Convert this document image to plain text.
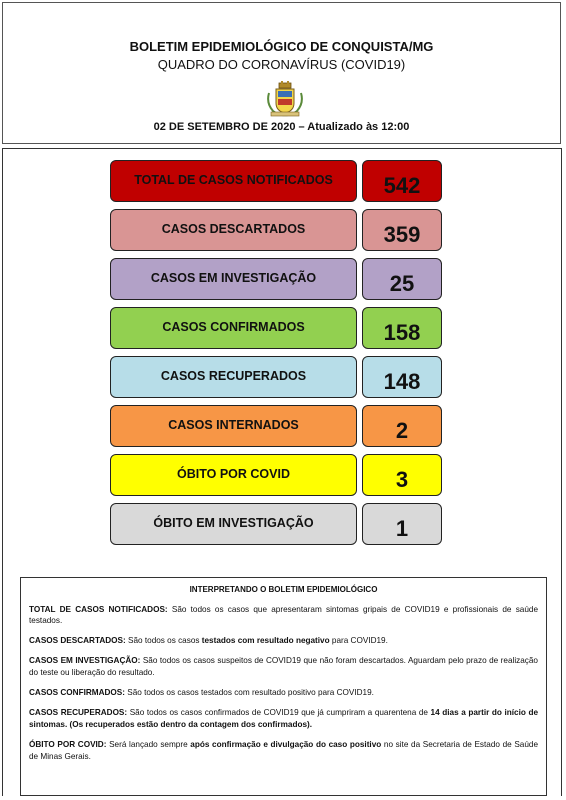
BOLETIM EPIDEMIOLÓGICO DE CONQUISTA/MG
QUADRO DO CORONAVÍRUS (COVID19)
02 DE SETEMBRO DE 2020 – Atualizado às 12:00
TOTAL DE CASOS NOTIFICADOS	542
CASOS DESCARTADOS	359
CASOS EM INVESTIGAÇÃO	25
CASOS CONFIRMADOS	158
CASOS RECUPERADOS	148
CASOS INTERNADOS	2
ÓBITO POR COVID	3
ÓBITO EM INVESTIGAÇÃO	1
INTERPRETANDO O BOLETIM EPIDEMIOLÓGICO

TOTAL DE CASOS NOTIFICADOS: São todos os casos que apresentaram sintomas gripais de COVID19 e profissionais de saúde testados.

CASOS DESCARTADOS: São todos os casos testados com resultado negativo para COVID19.

CASOS EM INVESTIGAÇÃO: São todos os casos suspeitos de COVID19 que não foram descartados. Aguardam pelo prazo de realização do teste ou liberação do resultado.

CASOS CONFIRMADOS: São todos os casos testados com resultado positivo para COVID19.

CASOS RECUPERADOS: São todos os casos confirmados de COVID19 que já cumpriram a quarentena de 14 dias a partir do início de sintomas. (Os recuperados estão dentro da contagem dos confirmados).

ÓBITO POR COVID: Será lançado sempre após confirmação e divulgação do caso positivo no site da Secretaria de Estado de Saúde de Minas Gerais.
